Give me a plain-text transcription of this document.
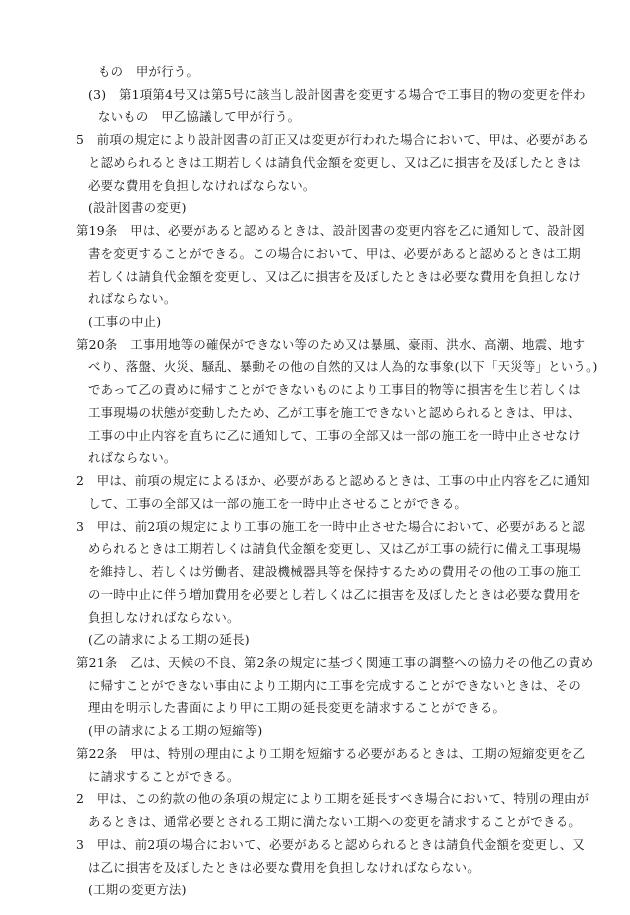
もの　甲が行う。

(3)　第1項第4号又は第5号に該当し設計図書を変更する場合で工事目的物の変更を伴わ

ないもの　甲乙協議して甲が行う。

5　前項の規定により設計図書の訂正又は変更が行われた場合において、甲は、必要がある

と認められるときは工期若しくは請負代金額を変更し、又は乙に損害を及ぼしたときは

必要な費用を負担しなければならない。

(設計図書の変更)

第19条　甲は、必要があると認めるときは、設計図書の変更内容を乙に通知して、設計図

書を変更することができる。この場合において、甲は、必要があると認めるときは工期

若しくは請負代金額を変更し、又は乙に損害を及ぼしたときは必要な費用を負担しなけ

ればならない。

(工事の中止)

第20条　工事用地等の確保ができない等のため又は暴風、豪雨、洪水、高潮、地震、地す

べり、落盤、火災、騒乱、暴動その他の自然的又は人為的な事象(以下「天災等」という。)

であって乙の責めに帰すことができないものにより工事目的物等に損害を生じ若しくは

工事現場の状態が変動したため、乙が工事を施工できないと認められるときは、甲は、

工事の中止内容を直ちに乙に通知して、工事の全部又は一部の施工を一時中止させなけ

ればならない。

2　甲は、前項の規定によるほか、必要があると認めるときは、工事の中止内容を乙に通知

して、工事の全部又は一部の施工を一時中止させることができる。

3　甲は、前2項の規定により工事の施工を一時中止させた場合において、必要があると認

められるときは工期若しくは請負代金額を変更し、又は乙が工事の続行に備え工事現場

を維持し、若しくは労働者、建設機械器具等を保持するための費用その他の工事の施工

の一時中止に伴う増加費用を必要とし若しくは乙に損害を及ぼしたときは必要な費用を

負担しなければならない。

(乙の請求による工期の延長)

第21条　乙は、天候の不良、第2条の規定に基づく関連工事の調整への協力その他乙の責め

に帰すことができない事由により工期内に工事を完成することができないときは、その

理由を明示した書面により甲に工期の延長変更を請求することができる。

(甲の請求による工期の短縮等)

第22条　甲は、特別の理由により工期を短縮する必要があるときは、工期の短縮変更を乙

に請求することができる。

2　甲は、この約款の他の条項の規定により工期を延長すべき場合において、特別の理由が

あるときは、通常必要とされる工期に満たない工期への変更を請求することができる。

3　甲は、前2項の場合において、必要があると認められるときは請負代金額を変更し、又

は乙に損害を及ぼしたときは必要な費用を負担しなければならない。

(工期の変更方法)
